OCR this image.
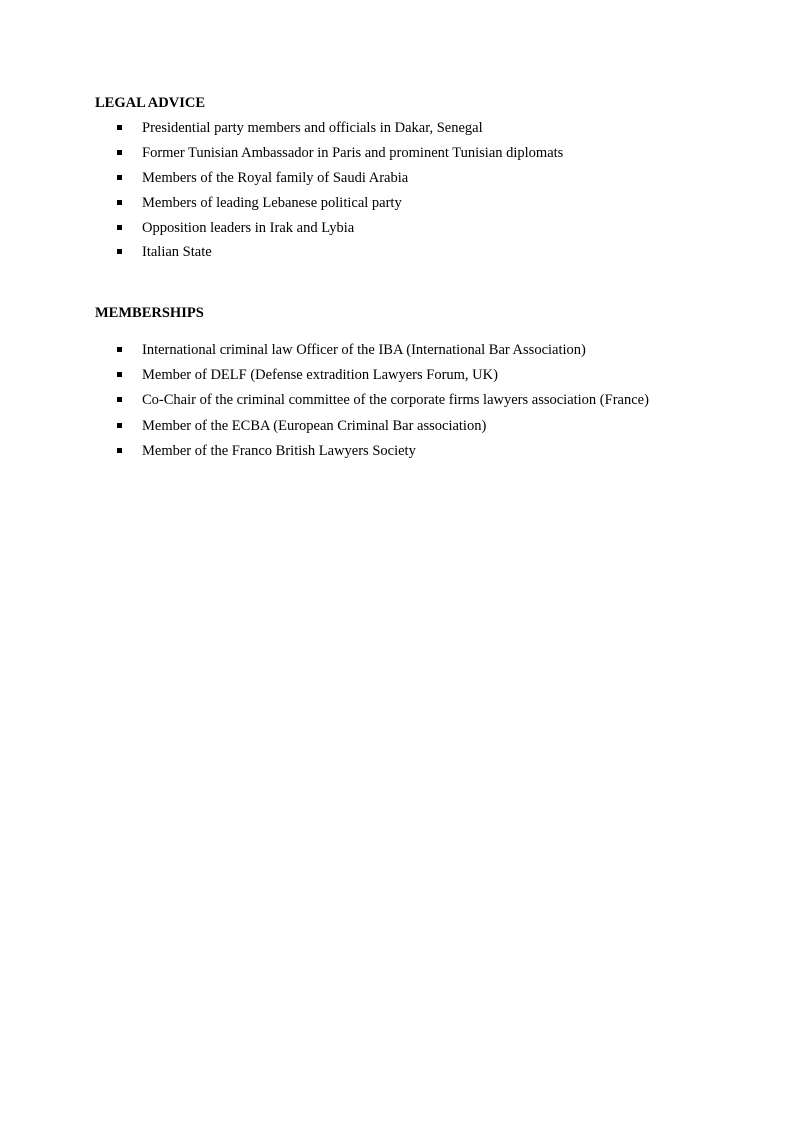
LEGAL ADVICE
Presidential party members and officials in Dakar, Senegal
Former Tunisian Ambassador in Paris and prominent Tunisian diplomats
Members of the Royal family of Saudi Arabia
Members of leading Lebanese political party
Opposition leaders in Irak and Lybia
Italian State
MEMBERSHIPS
International criminal law Officer of the IBA (International Bar Association)
Member of DELF (Defense extradition Lawyers Forum, UK)
Co-Chair of the criminal committee of the corporate firms lawyers association (France)
Member of the ECBA (European Criminal Bar association)
Member of the Franco British Lawyers Society
